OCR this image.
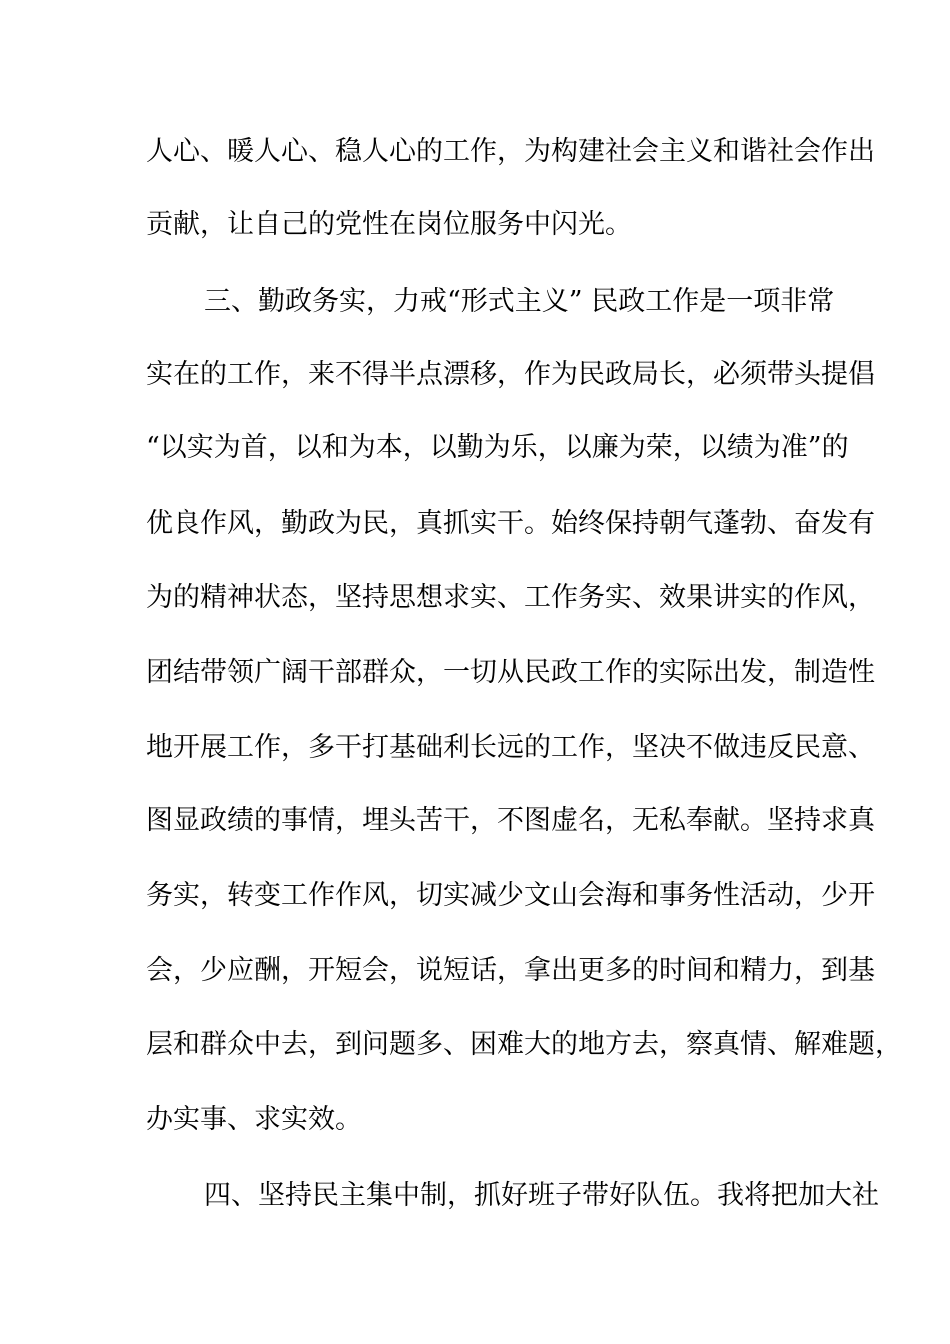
人心、暖人心、稳人心的工作，为构建社会主义和谐社会作出
贡献，让自己的党性在岗位服务中闪光。
三、勤政务实，力戒“形式主义” 民政工作是一项非常
实在的工作，来不得半点漂移，作为民政局长，必须带头提倡
“以实为首，以和为本，以勤为乐，以廉为荣，以绩为准”的
优良作风，勤政为民，真抓实干。始终保持朝气蓬勃、奋发有
为的精神状态，坚持思想求实、工作务实、效果讲实的作风，
团结带领广阔干部群众，一切从民政工作的实际出发，制造性
地开展工作，多干打基础利长远的工作，坚决不做违反民意、
图显政绩的事情，埋头苦干，不图虚名，无私奉献。坚持求真
务实，转变工作作风，切实减少文山会海和事务性活动，少开
会，少应酬，开短会，说短话，拿出更多的时间和精力，到基
层和群众中去，到问题多、困难大的地方去，察真情、解难题，
办实事、求实效。
四、坚持民主集中制，抓好班子带好队伍。我将把加大社
